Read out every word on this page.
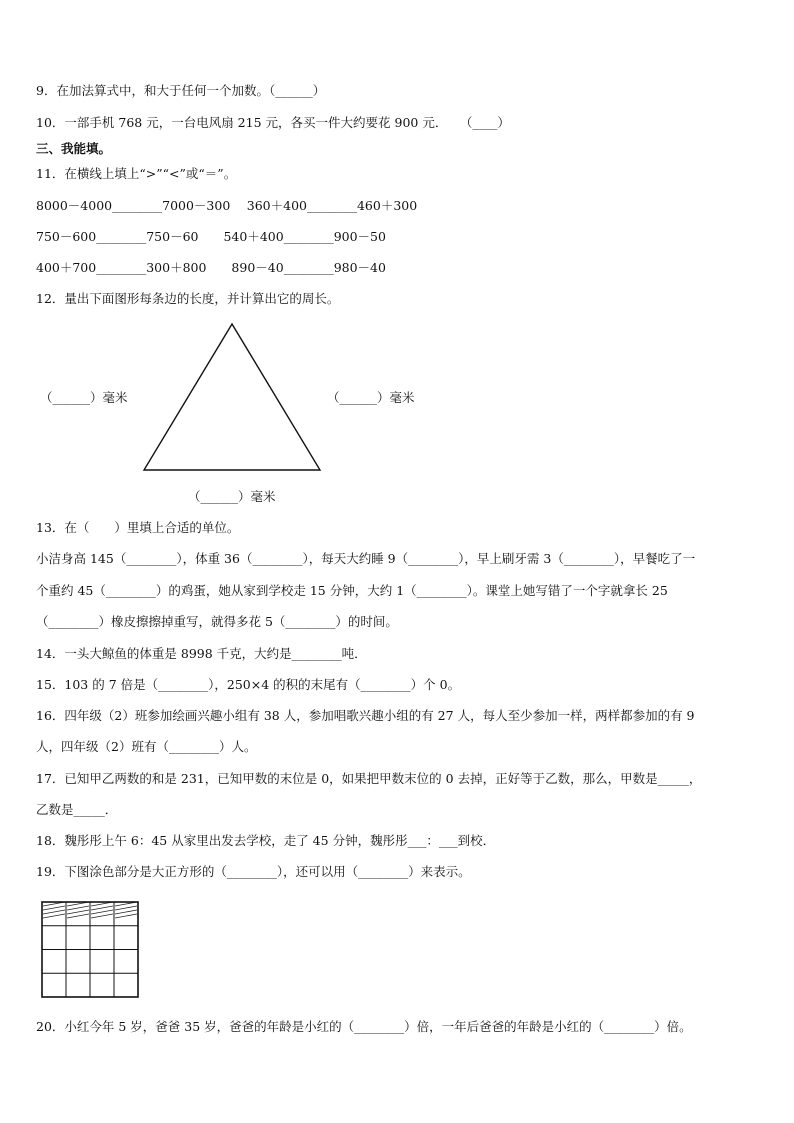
9．在加法算式中，和大于任何一个加数。（______）
10．一部手机 768 元，一台电风扇 215 元，各买一件大约要花 900 元．　　（____）
三、我能填。
11．在横线上填上“>”“<”或“＝”。
8000－4000________7000－300　 360＋400________460＋300
750－600________750－60　　540＋400________900－50
400＋700________300＋800　　890－40________980－40
12．量出下面图形每条边的长度，并计算出它的周长。
（______）毫米	（______）毫米
（______）毫米
13．在（　　）里填上合适的单位。
小洁身高 145（________），体重 36（________），每天大约睡 9（________），早上刷牙需 3（________），早餐吃了一
个重约 45（________）的鸡蛋，她从家到学校走 15 分钟，大约 1（________）。课堂上她写错了一个字就拿长 25
（________）橡皮擦擦掉重写，就得多花 5（________）的时间。
14．一头大鲸鱼的体重是 8998 千克，大约是________吨．
15．103 的 7 倍是（________），250×4 的积的末尾有（________）个 0。
16．四年级（2）班参加绘画兴趣小组有 38 人，参加唱歌兴趣小组的有 27 人，每人至少参加一样，两样都参加的有 9
人，四年级（2）班有（________）人。
17．已知甲乙两数的和是 231，已知甲数的末位是 0，如果把甲数末位的 0 去掉，正好等于乙数，那么，甲数是_____，
乙数是_____．
18．魏彤彤上午 6：45 从家里出发去学校，走了 45 分钟，魏彤彤___：___到校．
19．下图涂色部分是大正方形的（________），还可以用（________）来表示。
20．小红今年 5 岁，爸爸 35 岁，爸爸的年龄是小红的（________）倍，一年后爸爸的年龄是小红的（________）倍。
